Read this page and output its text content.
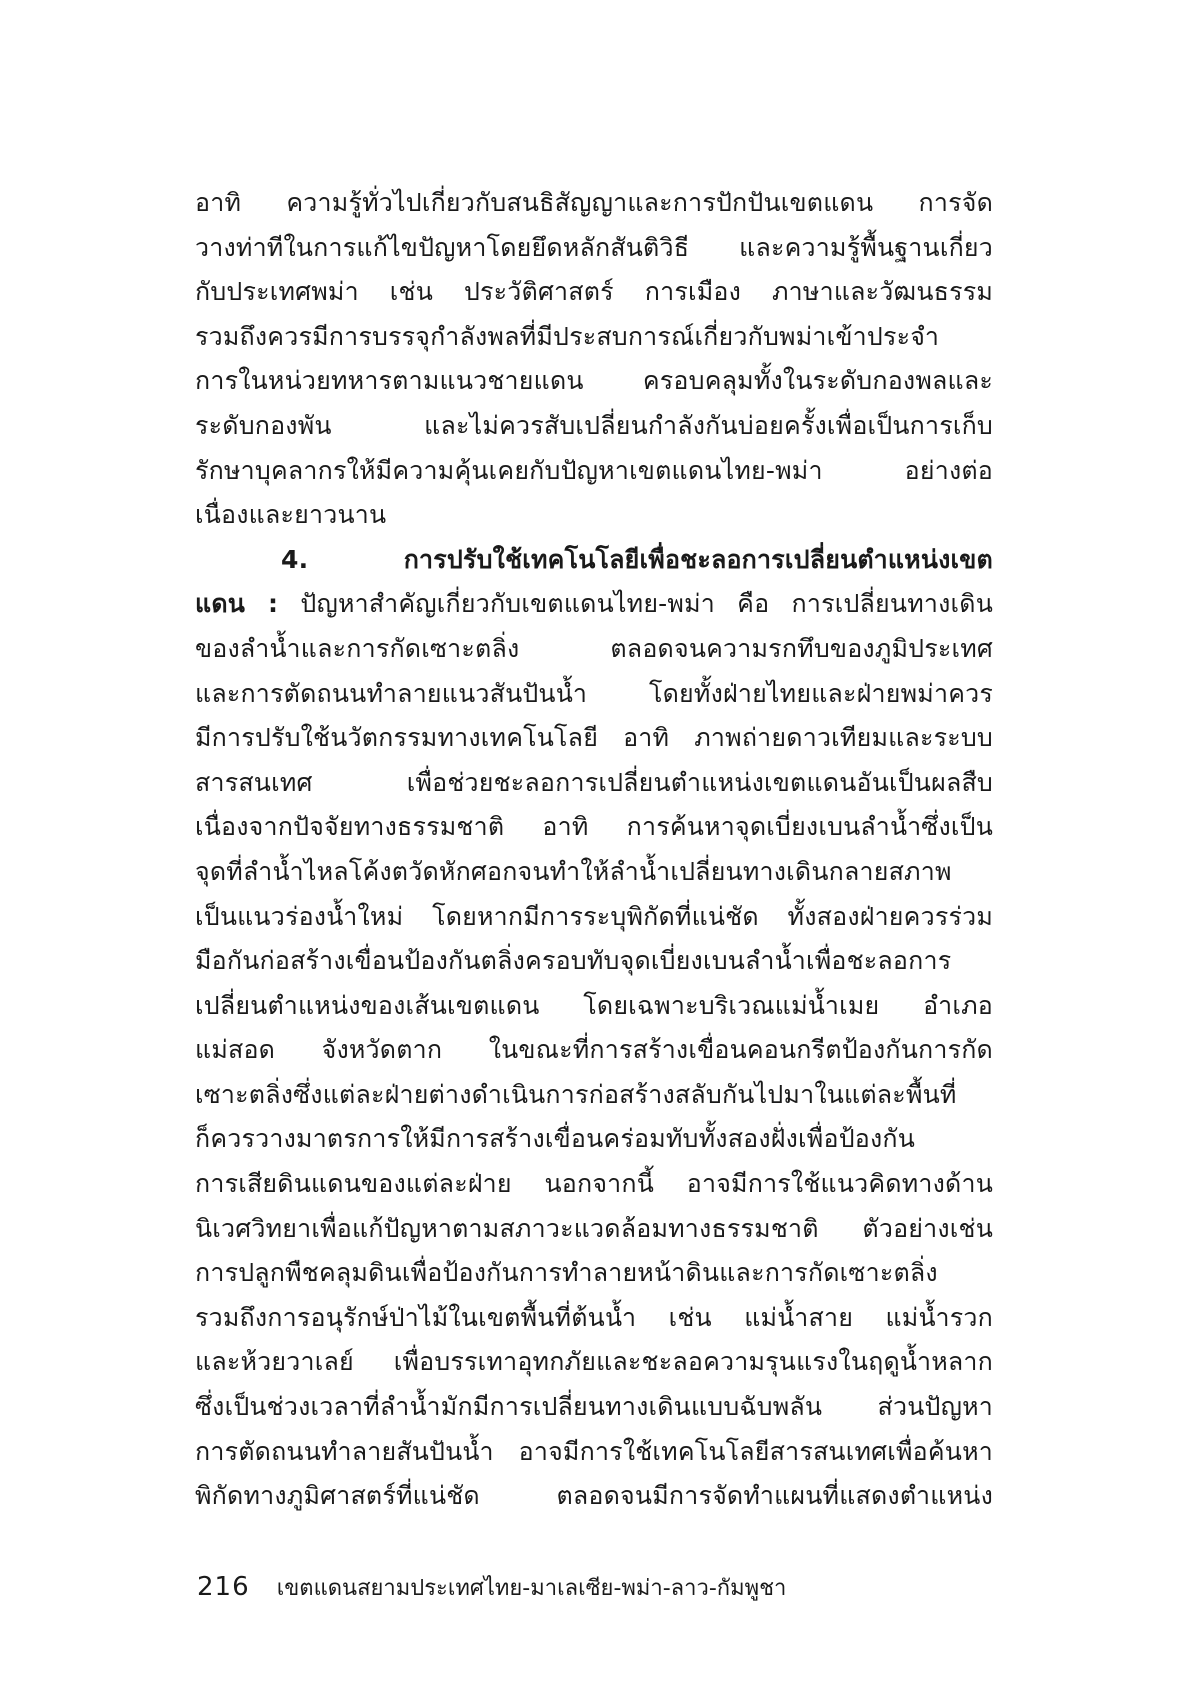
อาทิ ความรู้ทั่วไปเกี่ยวกับสนธิสัญญาและการปักปันเขตแดน การจัด
วางท่าทีในการแก้ไขปัญหาโดยยึดหลักสันติวิธี และความรู้พื้นฐานเกี่ยว
กับประเทศพม่า เช่น ประวัติศาสตร์ การเมือง ภาษาและวัฒนธรรม
รวมถึงควรมีการบรรจุกำลังพลที่มีประสบการณ์เกี่ยวกับพม่าเข้าประจำ
การในหน่วยทหารตามแนวชายแดน ครอบคลุมทั้งในระดับกองพลและ
ระดับกองพัน และไม่ควรสับเปลี่ยนกำลังกันบ่อยครั้งเพื่อเป็นการเก็บ
รักษาบุคลากรให้มีความคุ้นเคยกับปัญหาเขตแดนไทย-พม่า อย่างต่อ
เนื่องและยาวนาน
4. การปรับใช้เทคโนโลยีเพื่อชะลอการเปลี่ยนตำแหน่งเขต
แดน : ปัญหาสำคัญเกี่ยวกับเขตแดนไทย-พม่า คือ การเปลี่ยนทางเดิน
ของลำน้ำและการกัดเซาะตลิ่ง ตลอดจนความรกทึบของภูมิประเทศ
และการตัดถนนทำลายแนวสันปันน้ำ โดยทั้งฝ่ายไทยและฝ่ายพม่าควร
มีการปรับใช้นวัตกรรมทางเทคโนโลยี อาทิ ภาพถ่ายดาวเทียมและระบบ
สารสนเทศ เพื่อช่วยชะลอการเปลี่ยนตำแหน่งเขตแดนอันเป็นผลสืบ
เนื่องจากปัจจัยทางธรรมชาติ อาทิ การค้นหาจุดเบี่ยงเบนลำน้ำซึ่งเป็น
จุดที่ลำน้ำไหลโค้งตวัดหักศอกจนทำให้ลำน้ำเปลี่ยนทางเดินกลายสภาพ
เป็นแนวร่องน้ำใหม่ โดยหากมีการระบุพิกัดที่แน่ชัด ทั้งสองฝ่ายควรร่วม
มือกันก่อสร้างเขื่อนป้องกันตลิ่งครอบทับจุดเบี่ยงเบนลำน้ำเพื่อชะลอการ
เปลี่ยนตำแหน่งของเส้นเขตแดน โดยเฉพาะบริเวณแม่น้ำเมย อำเภอ
แม่สอด จังหวัดตาก ในขณะที่การสร้างเขื่อนคอนกรีตป้องกันการกัด
เซาะตลิ่งซึ่งแต่ละฝ่ายต่างดำเนินการก่อสร้างสลับกันไปมาในแต่ละพื้นที่
ก็ควรวางมาตรการให้มีการสร้างเขื่อนคร่อมทับทั้งสองฝั่งเพื่อป้องกัน
การเสียดินแดนของแต่ละฝ่าย นอกจากนี้ อาจมีการใช้แนวคิดทางด้าน
นิเวศวิทยาเพื่อแก้ปัญหาตามสภาวะแวดล้อมทางธรรมชาติ ตัวอย่างเช่น
การปลูกพืชคลุมดินเพื่อป้องกันการทำลายหน้าดินและการกัดเซาะตลิ่ง
รวมถึงการอนุรักษ์ป่าไม้ในเขตพื้นที่ต้นน้ำ เช่น แม่น้ำสาย แม่น้ำรวก
และห้วยวาเลย์ เพื่อบรรเทาอุทกภัยและชะลอความรุนแรงในฤดูน้ำหลาก
ซึ่งเป็นช่วงเวลาที่ลำน้ำมักมีการเปลี่ยนทางเดินแบบฉับพลัน ส่วนปัญหา
การตัดถนนทำลายสันปันน้ำ อาจมีการใช้เทคโนโลยีสารสนเทศเพื่อค้นหา
พิกัดทางภูมิศาสตร์ที่แน่ชัด ตลอดจนมีการจัดทำแผนที่แสดงตำแหน่ง
216 เขตแดนสยามประเทศไทย-มาเลเซีย-พม่า-ลาว-กัมพูชา
